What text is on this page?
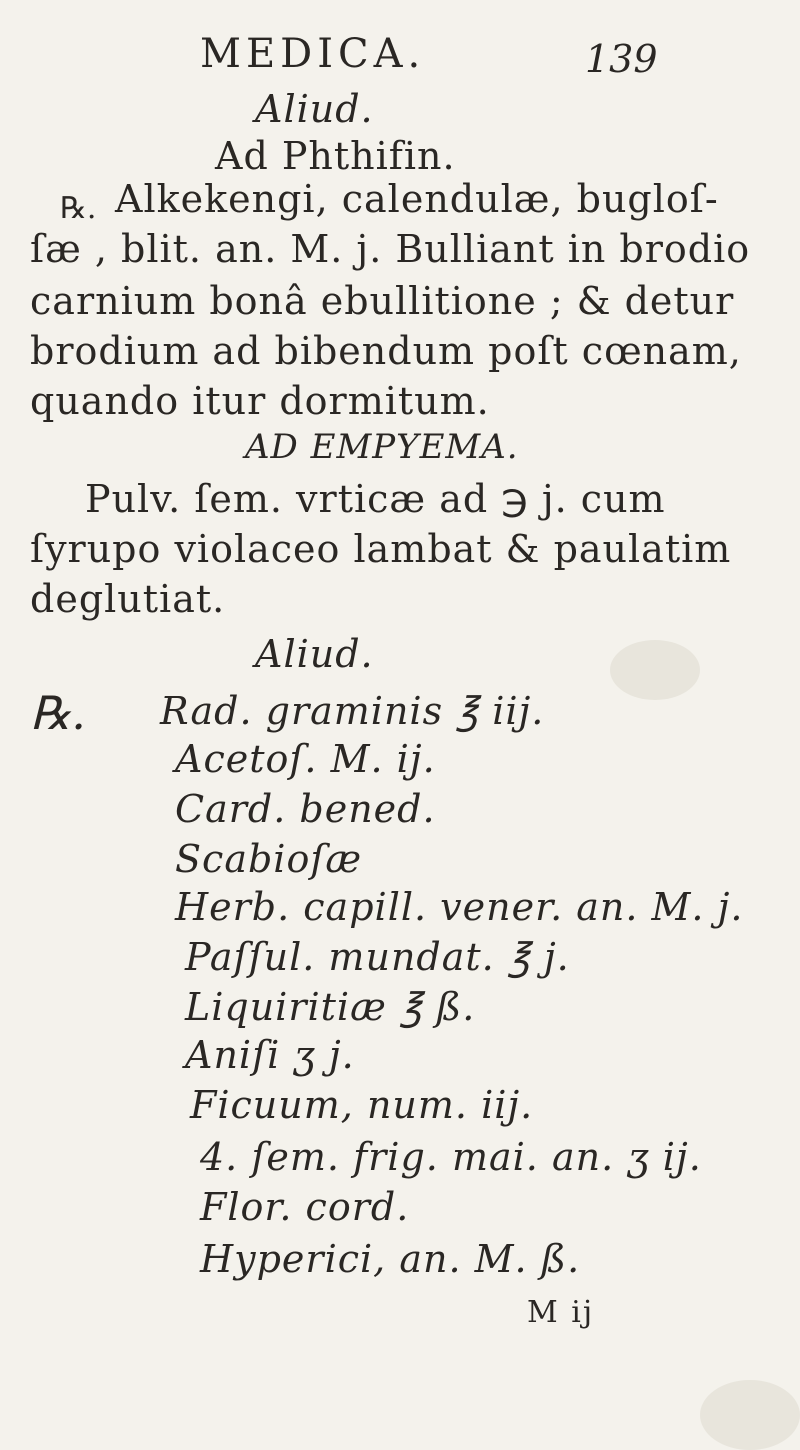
MEDICA.	139
Aliud.
Ad Phthifin.
℞. Alkekengi, calendulæ, bugloſ-
ſæ , blit. an. M. j. Bulliant in brodio
carnium bonâ ebullitione ; & detur
brodium ad bibendum poſt cœnam,
quando itur dormitum.
AD EMPYEMA.
Pulv. ſem. vrticæ ad ℈ j. cum
ſyrupo violaceo lambat & paulatim
deglutiat.
Aliud.
℞. Rad. graminis ℥ iij.
Acetoſ. M. ij.
Card. bened.
Scabioſæ
Herb. capill. vener. an. M. j.
Paſſul. mundat. ℥ j.
Liquiritiæ ℥ ß.
Aniſi ʒ j.
Ficuum, num. iij.
4. ſem. frig. mai. an. ʒ ij.
Flor. cord.
Hyperici, an. M. ß.
M ij
